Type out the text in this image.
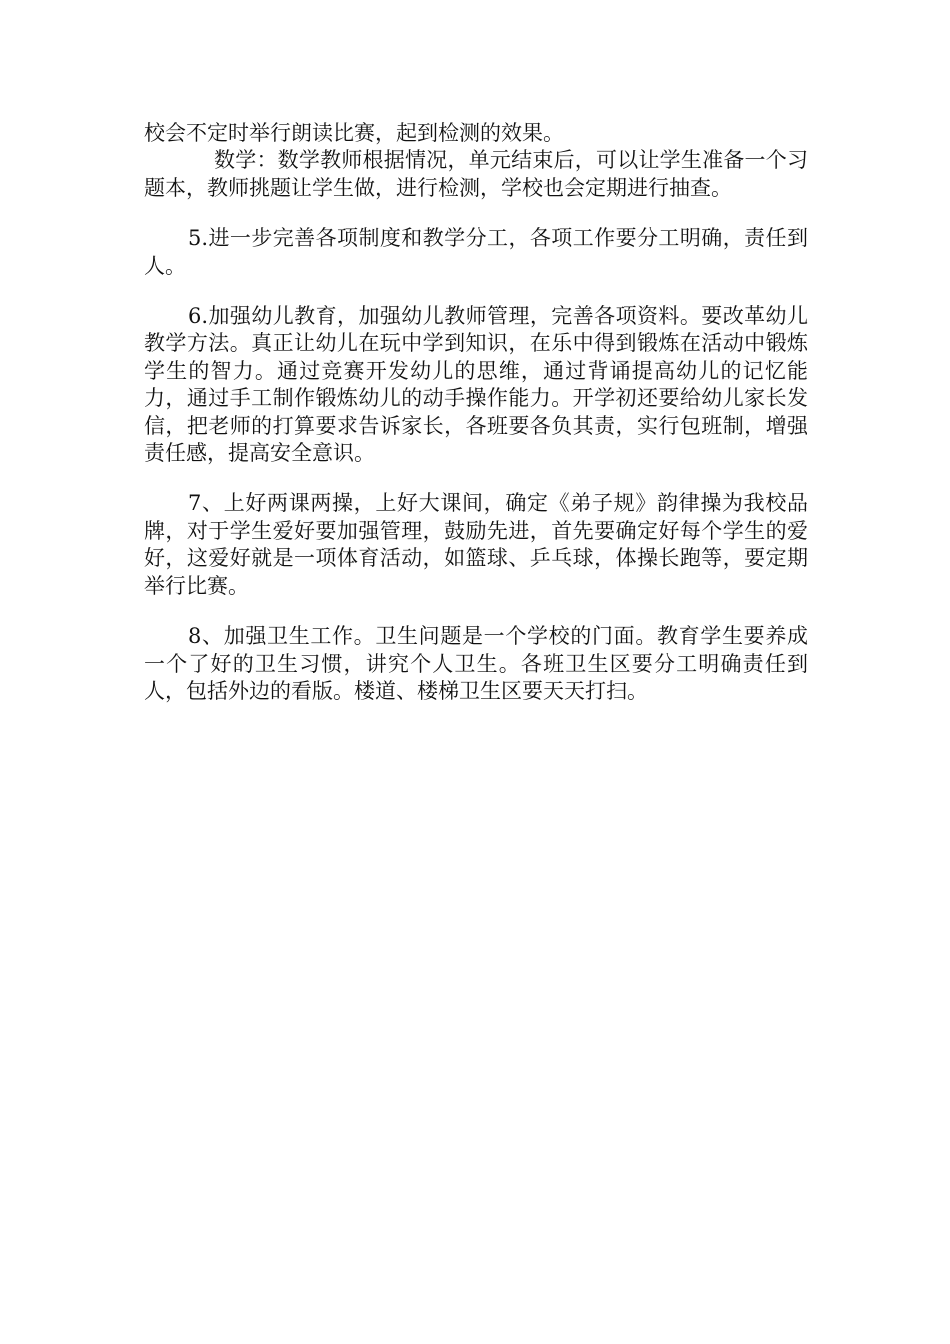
校会不定时举行朗读比赛，起到检测的效果。

数学：数学教师根据情况，单元结束后，可以让学生准备一个习题本，教师挑题让学生做，进行检测，学校也会定期进行抽查。

5.进一步完善各项制度和教学分工，各项工作要分工明确，责任到人。

6.加强幼儿教育，加强幼儿教师管理，完善各项资料。要改革幼儿教学方法。真正让幼儿在玩中学到知识，在乐中得到锻炼在活动中锻炼学生的智力。通过竞赛开发幼儿的思维，通过背诵提高幼儿的记忆能力，通过手工制作锻炼幼儿的动手操作能力。开学初还要给幼儿家长发信，把老师的打算要求告诉家长，各班要各负其责，实行包班制，增强责任感，提高安全意识。

7、上好两课两操，上好大课间，确定《弟子规》韵律操为我校品牌，对于学生爱好要加强管理，鼓励先进，首先要确定好每个学生的爱好，这爱好就是一项体育活动，如篮球、乒乓球，体操长跑等，要定期举行比赛。

8、加强卫生工作。卫生问题是一个学校的门面。教育学生要养成一个了好的卫生习惯，讲究个人卫生。各班卫生区要分工明确责任到人，包括外边的看版。楼道、楼梯卫生区要天天打扫。
